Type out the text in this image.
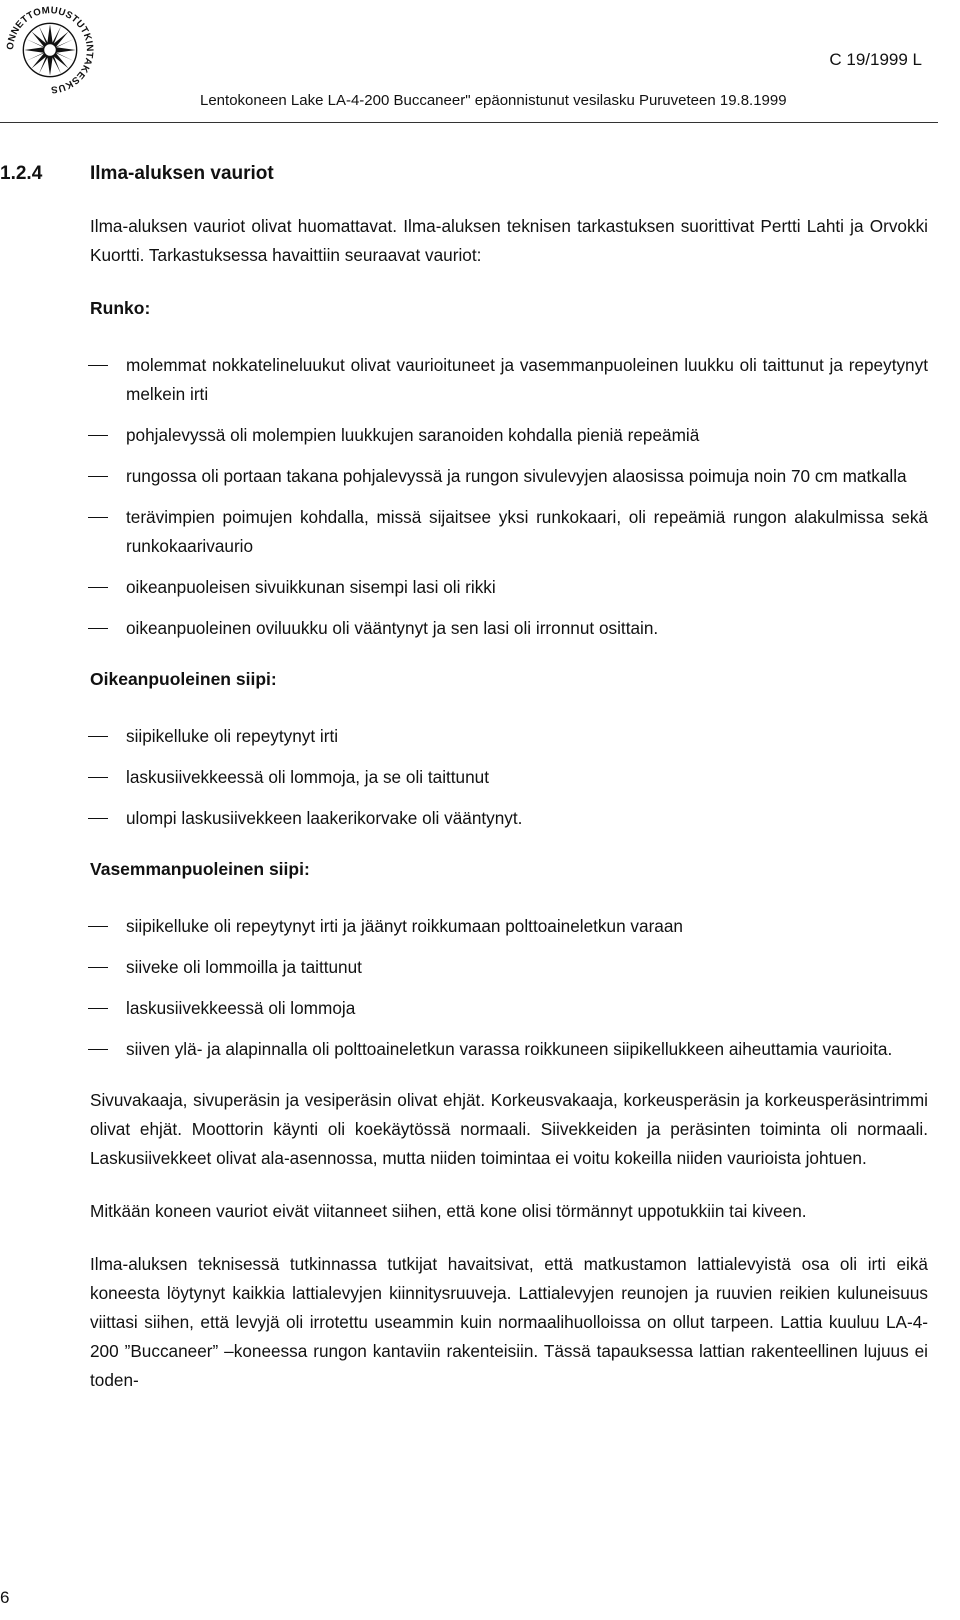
ONNETTOMUUSTUTKINTAKESKUS
C 19/1999 L
Lentokoneen Lake LA-4-200 Buccaneer" epäonnistunut vesilasku Puruveteen 19.8.1999
1.2.4	Ilma-aluksen vauriot

Ilma-aluksen vauriot olivat huomattavat. Ilma-aluksen teknisen tarkastuksen suorittivat Pertti Lahti ja Orvokki Kuortti. Tarkastuksessa havaittiin seuraavat vauriot:

Runko:
molemmat nokkatelineluukut olivat vaurioituneet ja vasemmanpuoleinen luukku oli taittunut ja repeytynyt melkein irti
pohjalevyssä oli molempien luukkujen saranoiden kohdalla pieniä repeämiä
rungossa oli portaan takana pohjalevyssä ja rungon sivulevyjen alaosissa poimuja noin 70 cm matkalla
terävimpien poimujen kohdalla, missä sijaitsee yksi runkokaari, oli repeämiä rungon alakulmissa sekä runkokaarivaurio
oikeanpuoleisen sivuikkunan sisempi lasi oli rikki
oikeanpuoleinen oviluukku oli vääntynyt ja sen lasi oli irronnut osittain.
Oikeanpuoleinen siipi:
siipikelluke oli repeytynyt irti
laskusiivekkeessä oli lommoja, ja se oli taittunut
ulompi laskusiivekkeen laakerikorvake oli vääntynyt.
Vasemmanpuoleinen siipi:
siipikelluke oli repeytynyt irti ja jäänyt roikkumaan polttoaineletkun varaan
siiveke oli lommoilla ja taittunut
laskusiivekkeessä oli lommoja
siiven ylä- ja alapinnalla oli polttoaineletkun varassa roikkuneen siipikellukkeen aiheuttamia vaurioita.

Sivuvakaaja, sivuperäsin ja vesiperäsin olivat ehjät. Korkeusvakaaja, korkeusperäsin ja korkeusperäsintrimmi olivat ehjät. Moottorin käynti oli koekäytössä normaali. Siivekkeiden ja peräsinten toiminta oli normaali. Laskusiivekkeet olivat ala-asennossa, mutta niiden toimintaa ei voitu kokeilla niiden vaurioista johtuen.

Mitkään koneen vauriot eivät viitanneet siihen, että kone olisi törmännyt uppotukkiin tai kiveen.

Ilma-aluksen teknisessä tutkinnassa tutkijat havaitsivat, että matkustamon lattialevyistä osa oli irti eikä koneesta löytynyt kaikkia lattialevyjen kiinnitysruuveja. Lattialevyjen reunojen ja ruuvien reikien kuluneisuus viittasi siihen, että levyjä oli irrotettu useammin kuin normaalihuolloissa on ollut tarpeen. Lattia kuuluu LA-4-200 ”Buccaneer” –koneessa rungon kantaviin rakenteisiin. Tässä tapauksessa lattian rakenteellinen lujuus ei toden-

6
